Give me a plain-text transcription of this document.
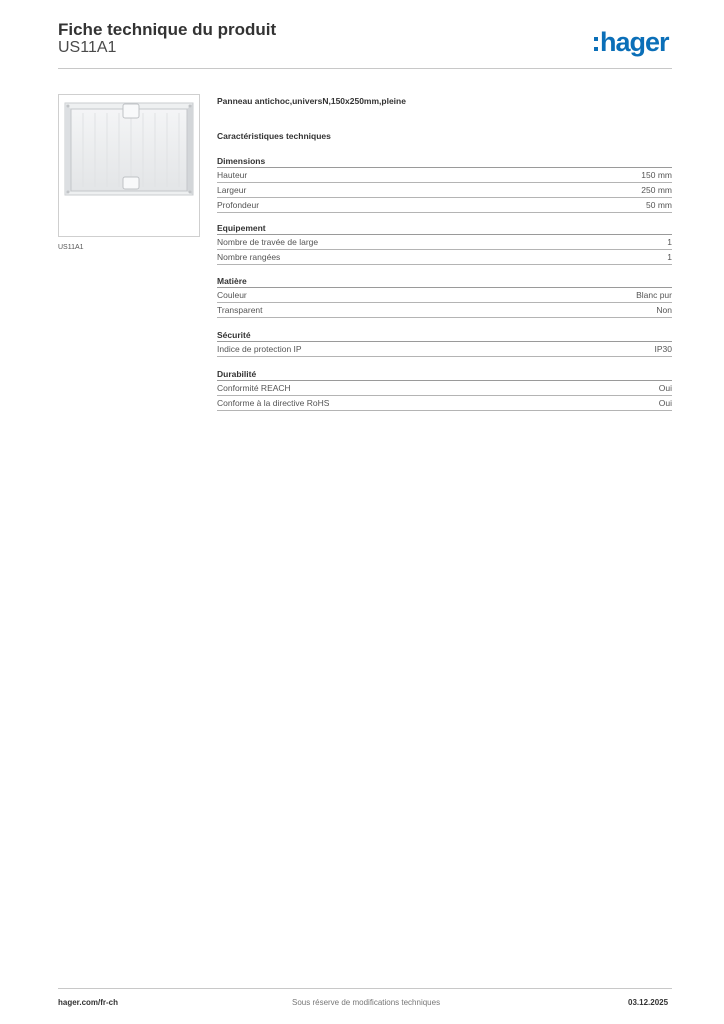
Fiche technique du produit
US11A1	hager
US11A1
Panneau antichoc,universN,150x250mm,pleine
Caractéristiques techniques
Dimensions
Hauteur	150 mm
Largeur	250 mm
Profondeur	50 mm
Equipement
Nombre de travée de large	1
Nombre rangées	1
Matière
Couleur	Blanc pur
Transparent	Non
Sécurité
Indice de protection IP	IP30
Durabilité
Conformité REACH	Oui
Conforme à la directive RoHS	Oui
hager.com/fr-ch	Sous réserve de modifications techniques	03.12.2025
